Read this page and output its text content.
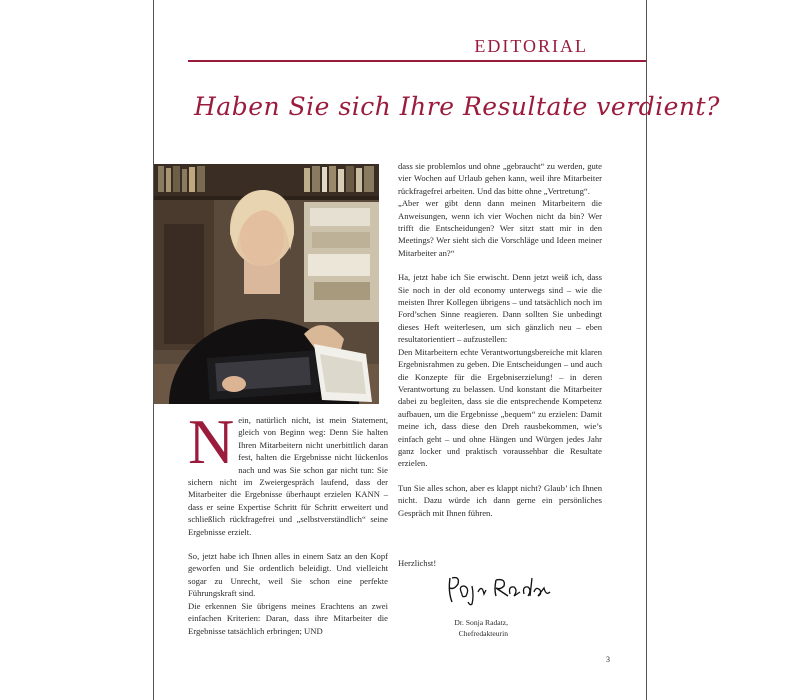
EDITORIAL
Haben Sie sich Ihre Resultate verdient?

Nein, natürlich nicht, ist mein Statement, gleich von Beginn weg: Denn Sie halten Ihren Mitarbeitern nicht unerbittlich daran fest, halten die Ergebnisse nicht lückenlos nach und was Sie schon gar nicht tun: Sie sichern nicht im Zweiergespräch laufend, dass der Mitarbeiter die Ergebnisse überhaupt erzielen KANN – dass er seine Expertise Schritt für Schritt erweitert und schließlich rückfragefrei und „selbstverständlich“ seine Ergebnisse erzielt.

So, jetzt habe ich Ihnen alles in einem Satz an den Kopf geworfen und Sie ordentlich beleidigt. Und vielleicht sogar zu Unrecht, weil Sie schon eine perfekte Führungskraft sind.

Die erkennen Sie übrigens meines Erachtens an zwei einfachen Kriterien: Daran, dass ihre Mitarbeiter die Ergebnisse tatsächlich erbringen; UND

dass sie problemlos und ohne „gebraucht“ zu werden, gute vier Wochen auf Urlaub gehen kann, weil ihre Mitarbeiter rückfragefrei arbeiten. Und das bitte ohne „Vertretung“.

„Aber wer gibt denn dann meinen Mitarbeitern die Anweisungen, wenn ich vier Wochen nicht da bin? Wer trifft die Entscheidungen? Wer sitzt statt mir in den Meetings? Wer sieht sich die Vorschläge und Ideen meiner Mitarbeiter an?“

Ha, jetzt habe ich Sie erwischt. Denn jetzt weiß ich, dass Sie noch in der old economy unterwegs sind – wie die meisten Ihrer Kollegen übrigens – und tatsächlich noch im Ford’schen Sinne reagieren. Dann sollten Sie unbedingt dieses Heft weiterlesen, um sich gänzlich neu – eben resultatorientiert – aufzustellen:

Den Mitarbeitern echte Verantwortungsbereiche mit klaren Ergebnisrahmen zu geben. Die Entscheidungen – und auch die Konzepte für die Ergebniserzielung! – in deren Verantwortung zu belassen. Und konstant die Mitarbeiter dabei zu begleiten, dass sie die entsprechende Kompetenz aufbauen, um die Ergebnisse „bequem“ zu erzielen: Damit meine ich, dass diese den Dreh rausbekommen, wie’s einfach geht – und ohne Hängen und Würgen jedes Jahr ganz locker und praktisch voraussehbar die Resultate erzielen.

Tun Sie alles schon, aber es klappt nicht? Glaub’ ich Ihnen nicht. Dazu würde ich dann gerne ein persönliches Gespräch mit Ihnen führen.

Herzlichst!
Dr. Sonja Radatz,
Chefredakteurin
3
